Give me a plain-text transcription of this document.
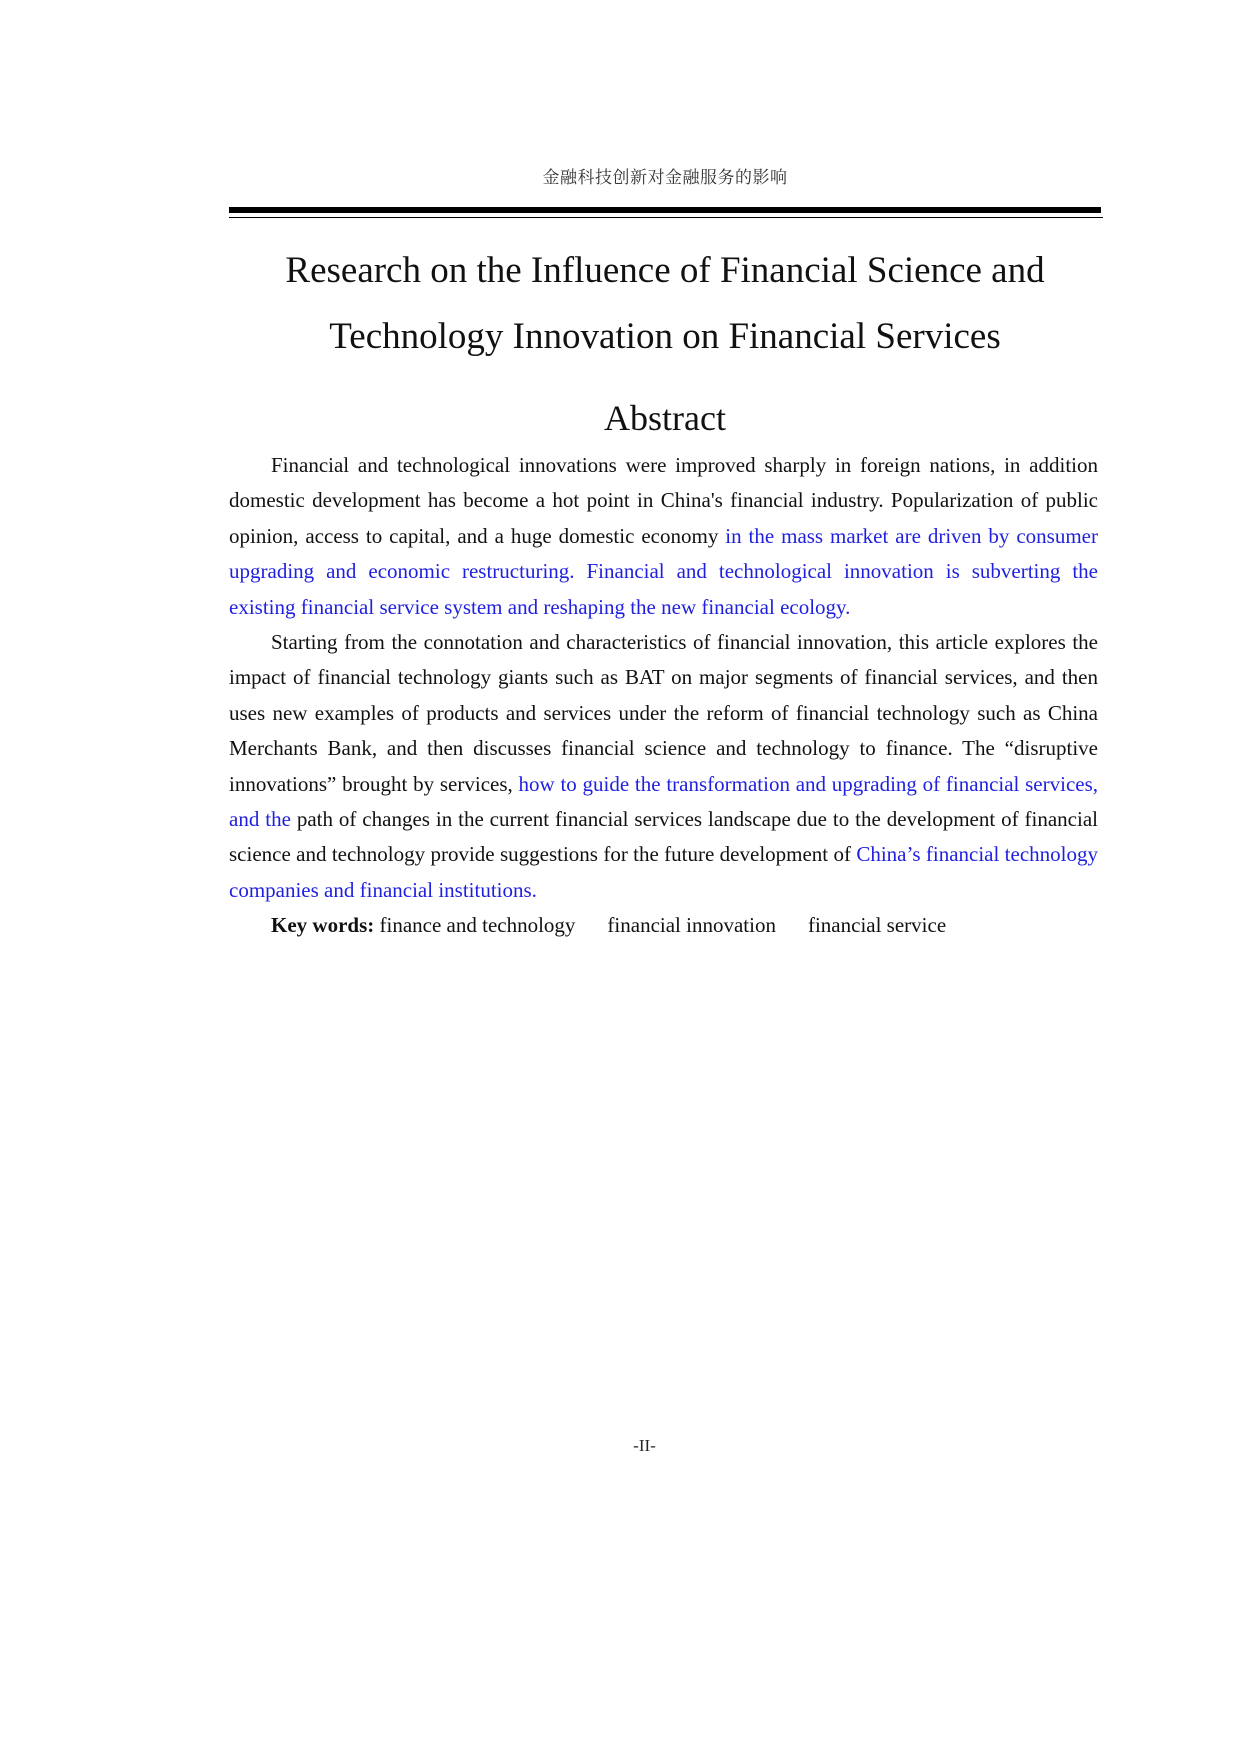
金融科技创新对金融服务的影响
Research on the Influence of Financial Science and
Technology Innovation on Financial Services
Abstract

Financial and technological innovations were improved sharply in foreign nations, in addition domestic development has become a hot point in China's financial industry. Popularization of public opinion, access to capital, and a huge domestic economy in the mass market are driven by consumer upgrading and economic restructuring. Financial and technological innovation is subverting the existing financial service system and reshaping the new financial ecology.

Starting from the connotation and characteristics of financial innovation, this article explores the impact of financial technology giants such as BAT on major segments of financial services, and then uses new examples of products and services under the reform of financial technology such as China Merchants Bank, and then discusses financial science and technology to finance. The “disruptive innovations” brought by services, how to guide the transformation and upgrading of financial services, and the path of changes in the current financial services landscape due to the development of financial science and technology provide suggestions for the future development of China’s financial technology companies and financial institutions.

Key words: finance and technology financial innovation financial service

-II-
